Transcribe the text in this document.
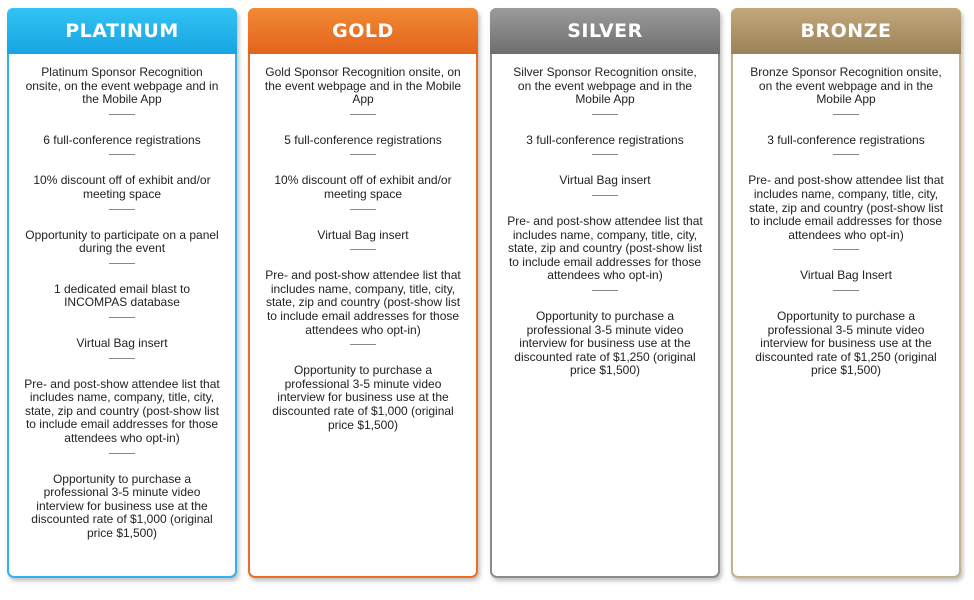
PLATINUM

Platinum Sponsor Recognition onsite, on the event webpage and in the Mobile App

6 full-conference registrations

10% discount off of exhibit and/or meeting space

Opportunity to participate on a panel during the event

1 dedicated email blast to INCOMPAS database

Virtual Bag insert

Pre- and post-show attendee list that includes name, company, title, city, state, zip and country (post-show list to include email addresses for those attendees who opt-in)

Opportunity to purchase a professional 3-5 minute video interview for business use at the discounted rate of $1,000 (original price $1,500)

GOLD

Gold Sponsor Recognition onsite, on the event webpage and in the Mobile App

5 full-conference registrations

10% discount off of exhibit and/or meeting space

Virtual Bag insert

Pre- and post-show attendee list that includes name, company, title, city, state, zip and country (post-show list to include email addresses for those attendees who opt-in)

Opportunity to purchase a professional 3-5 minute video interview for business use at the discounted rate of $1,000 (original price $1,500)

SILVER

Silver Sponsor Recognition onsite, on the event webpage and in the Mobile App

3 full-conference registrations

Virtual Bag insert

Pre- and post-show attendee list that includes name, company, title, city, state, zip and country (post-show list to include email addresses for those attendees who opt-in)

Opportunity to purchase a professional 3-5 minute video interview for business use at the discounted rate of $1,250 (original price $1,500)

BRONZE

Bronze Sponsor Recognition onsite, on the event webpage and in the Mobile App

3 full-conference registrations

Pre- and post-show attendee list that includes name, company, title, city, state, zip and country (post-show list to include email addresses for those attendees who opt-in)

Virtual Bag Insert

Opportunity to purchase a professional 3-5 minute video interview for business use at the discounted rate of $1,250 (original price $1,500)
